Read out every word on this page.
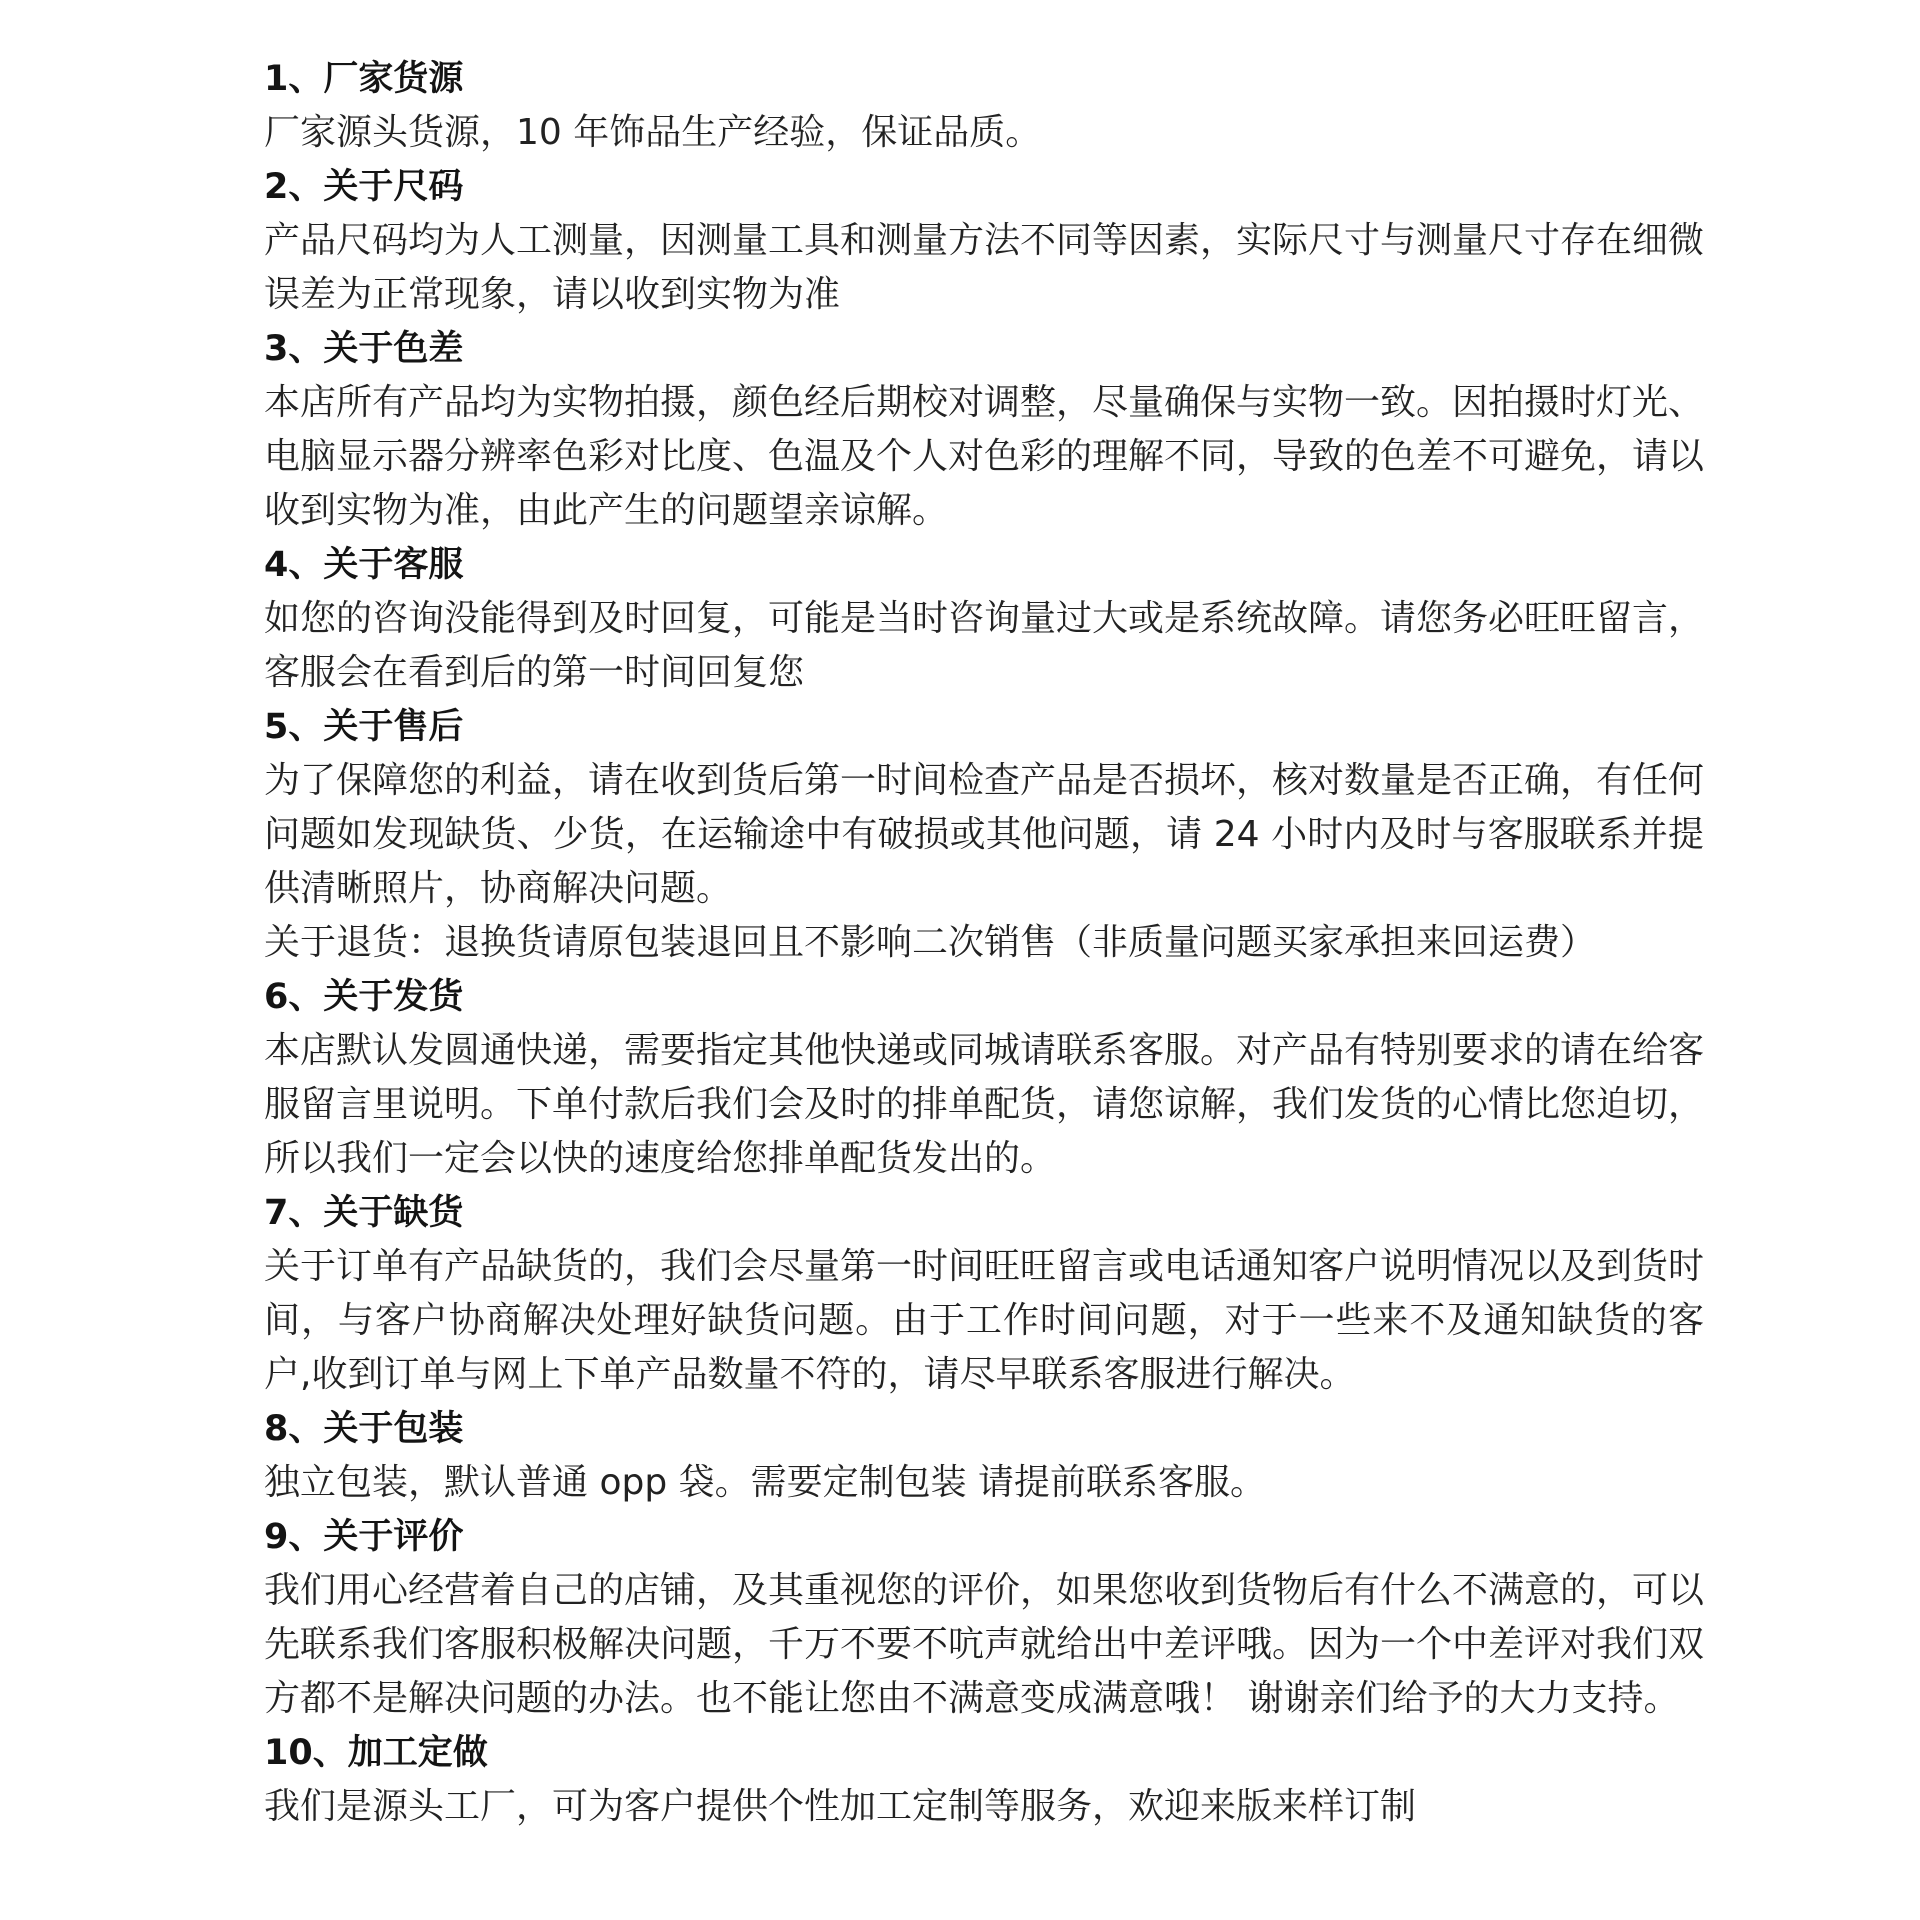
1、厂家货源

厂家源头货源，10 年饰品生产经验，保证品质。

2、关于尺码

产品尺码均为人工测量，因测量工具和测量方法不同等因素，实际尺寸与测量尺寸存在细微误差为正常现象，请以收到实物为准

3、关于色差

本店所有产品均为实物拍摄，颜色经后期校对调整，尽量确保与实物一致。因拍摄时灯光、电脑显示器分辨率色彩对比度、色温及个人对色彩的理解不同，导致的色差不可避免，请以收到实物为准，由此产生的问题望亲谅解。

4、关于客服

如您的咨询没能得到及时回复，可能是当时咨询量过大或是系统故障。请您务必旺旺留言，客服会在看到后的第一时间回复您

5、关于售后

为了保障您的利益，请在收到货后第一时间检查产品是否损坏，核对数量是否正确，有任何问题如发现缺货、少货，在运输途中有破损或其他问题，请 24 小时内及时与客服联系并提供清晰照片，协商解决问题。

关于退货：退换货请原包装退回且不影响二次销售（非质量问题买家承担来回运费）

6、关于发货

本店默认发圆通快递，需要指定其他快递或同城请联系客服。对产品有特别要求的请在给客服留言里说明。下单付款后我们会及时的排单配货，请您谅解，我们发货的心情比您迫切，所以我们一定会以快的速度给您排单配货发出的。

7、关于缺货

关于订单有产品缺货的，我们会尽量第一时间旺旺留言或电话通知客户说明情况以及到货时间，与客户协商解决处理好缺货问题。由于工作时间问题，对于一些来不及通知缺货的客户,收到订单与网上下单产品数量不符的，请尽早联系客服进行解决。

8、关于包装

独立包装，默认普通 opp 袋。需要定制包装 请提前联系客服。

9、关于评价

我们用心经营着自己的店铺，及其重视您的评价，如果您收到货物后有什么不满意的，可以先联系我们客服积极解决问题，千万不要不吭声就给出中差评哦。因为一个中差评对我们双方都不是解决问题的办法。也不能让您由不满意变成满意哦！ 谢谢亲们给予的大力支持。

10、加工定做

我们是源头工厂，可为客户提供个性加工定制等服务，欢迎来版来样订制
